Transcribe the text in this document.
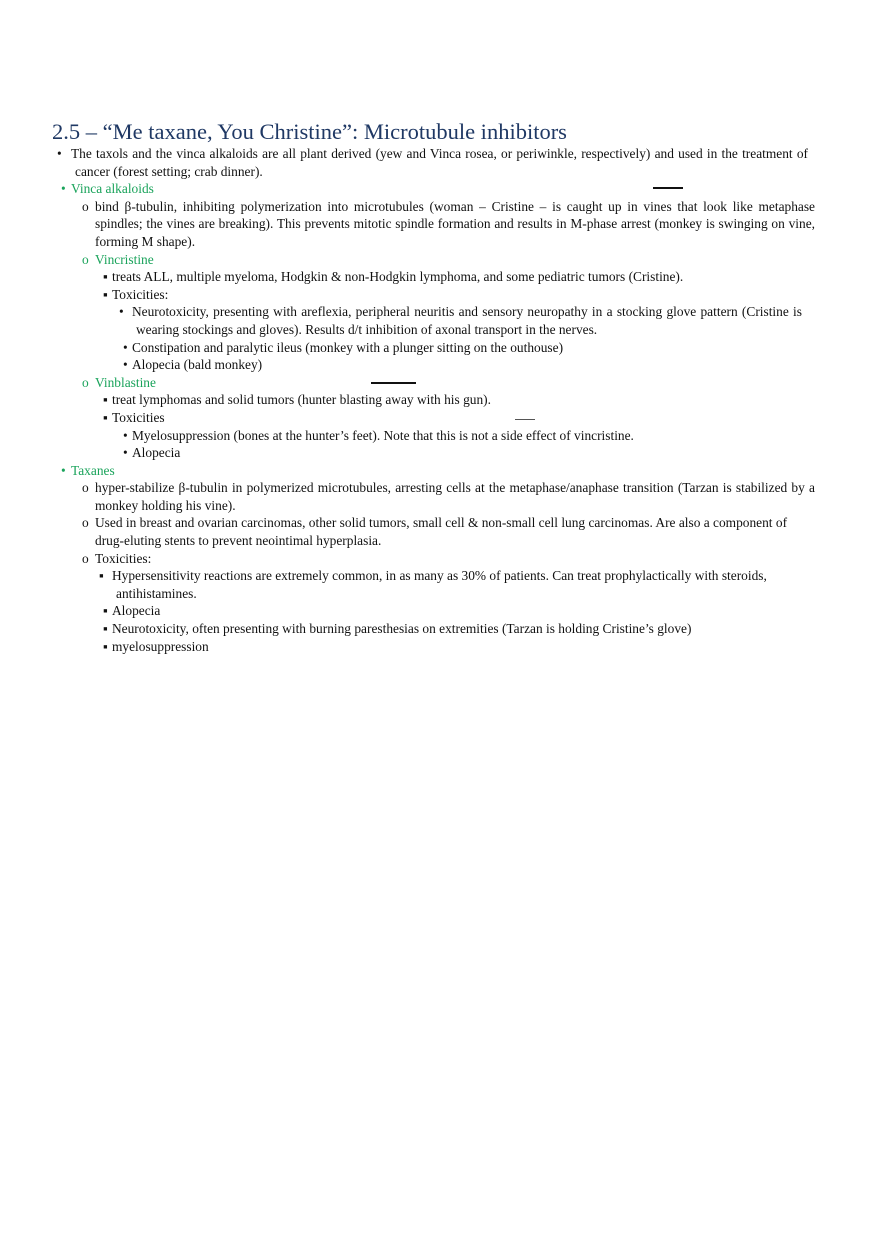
2.5 – “Me taxane, You Christine”: Microtubule inhibitors
• The taxols and the vinca alkaloids are all plant derived (yew and Vinca rosea, or periwinkle, respectively) and used in the treatment of cancer (forest setting; crab dinner).
• Vinca alkaloids
o bind β-tubulin, inhibiting polymerization into microtubules (woman – Cristine – is caught up in vines that look like metaphase spindles; the vines are breaking). This prevents mitotic spindle formation and results in M-phase arrest (monkey is swinging on vine, forming M shape).
o Vincristine
▪ treats ALL, multiple myeloma, Hodgkin & non-Hodgkin lymphoma, and some pediatric tumors (Cristine).
▪ Toxicities:
• Neurotoxicity, presenting with areflexia, peripheral neuritis and sensory neuropathy in a stocking glove pattern (Cristine is wearing stockings and gloves). Results d/t inhibition of axonal transport in the nerves.
• Constipation and paralytic ileus (monkey with a plunger sitting on the outhouse)
• Alopecia (bald monkey)
o Vinblastine
▪ treat lymphomas and solid tumors (hunter blasting away with his gun).
▪ Toxicities
• Myelosuppression (bones at the hunter’s feet). Note that this is not a side effect of vincristine.
• Alopecia
• Taxanes
o hyper-stabilize β-tubulin in polymerized microtubules, arresting cells at the metaphase/anaphase transition (Tarzan is stabilized by a monkey holding his vine).
o Used in breast and ovarian carcinomas, other solid tumors, small cell & non-small cell lung carcinomas. Are also a component of drug-eluting stents to prevent neointimal hyperplasia.
o Toxicities:
▪ Hypersensitivity reactions are extremely common, in as many as 30% of patients. Can treat prophylactically with steroids, antihistamines.
▪ Alopecia
▪ Neurotoxicity, often presenting with burning paresthesias on extremities (Tarzan is holding Cristine’s glove)
▪ myelosuppression
